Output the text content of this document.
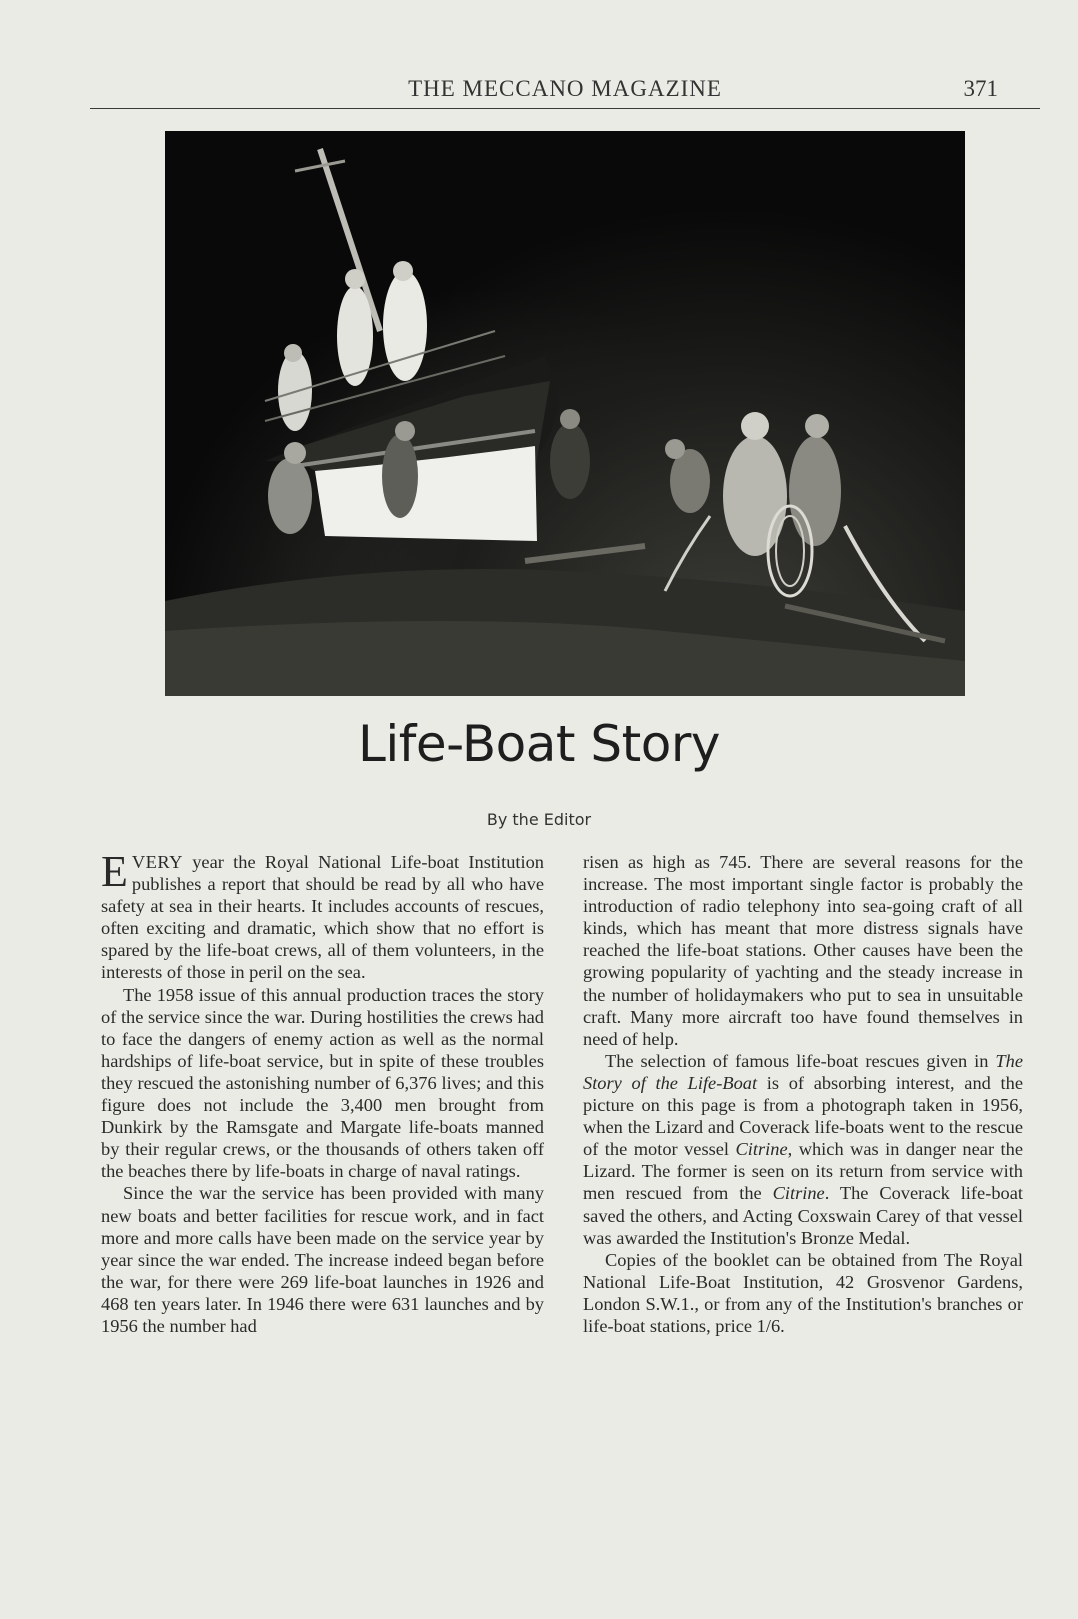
THE MECCANO MAGAZINE	371
Life-Boat Story
By the Editor

EVERY year the Royal National Life-boat Institution publishes a report that should be read by all who have safety at sea in their hearts. It includes accounts of rescues, often exciting and dramatic, which show that no effort is spared by the life-boat crews, all of them volunteers, in the interests of those in peril on the sea.

The 1958 issue of this annual production traces the story of the service since the war. During hostilities the crews had to face the dangers of enemy action as well as the normal hardships of life-boat service, but in spite of these troubles they rescued the astonishing number of 6,376 lives; and this figure does not include the 3,400 men brought from Dunkirk by the Ramsgate and Margate life-boats manned by their regular crews, or the thousands of others taken off the beaches there by life-boats in charge of naval ratings.

Since the war the service has been provided with many new boats and better facilities for rescue work, and in fact more and more calls have been made on the service year by year since the war ended. The increase indeed began before the war, for there were 269 life-boat launches in 1926 and 468 ten years later. In 1946 there were 631 launches and by 1956 the number had

risen as high as 745. There are several reasons for the increase. The most important single factor is probably the introduction of radio telephony into sea-going craft of all kinds, which has meant that more distress signals have reached the life-boat stations. Other causes have been the growing popularity of yachting and the steady increase in the number of holidaymakers who put to sea in unsuitable craft. Many more aircraft too have found themselves in need of help.

The selection of famous life-boat rescues given in The Story of the Life-Boat is of absorbing interest, and the picture on this page is from a photograph taken in 1956, when the Lizard and Coverack life-boats went to the rescue of the motor vessel Citrine, which was in danger near the Lizard. The former is seen on its return from service with men rescued from the Citrine. The Coverack life-boat saved the others, and Acting Coxswain Carey of that vessel was awarded the Institution's Bronze Medal.

Copies of the booklet can be obtained from The Royal National Life-Boat Institution, 42 Grosvenor Gardens, London S.W.1., or from any of the Institution's branches or life-boat stations, price 1/6.
